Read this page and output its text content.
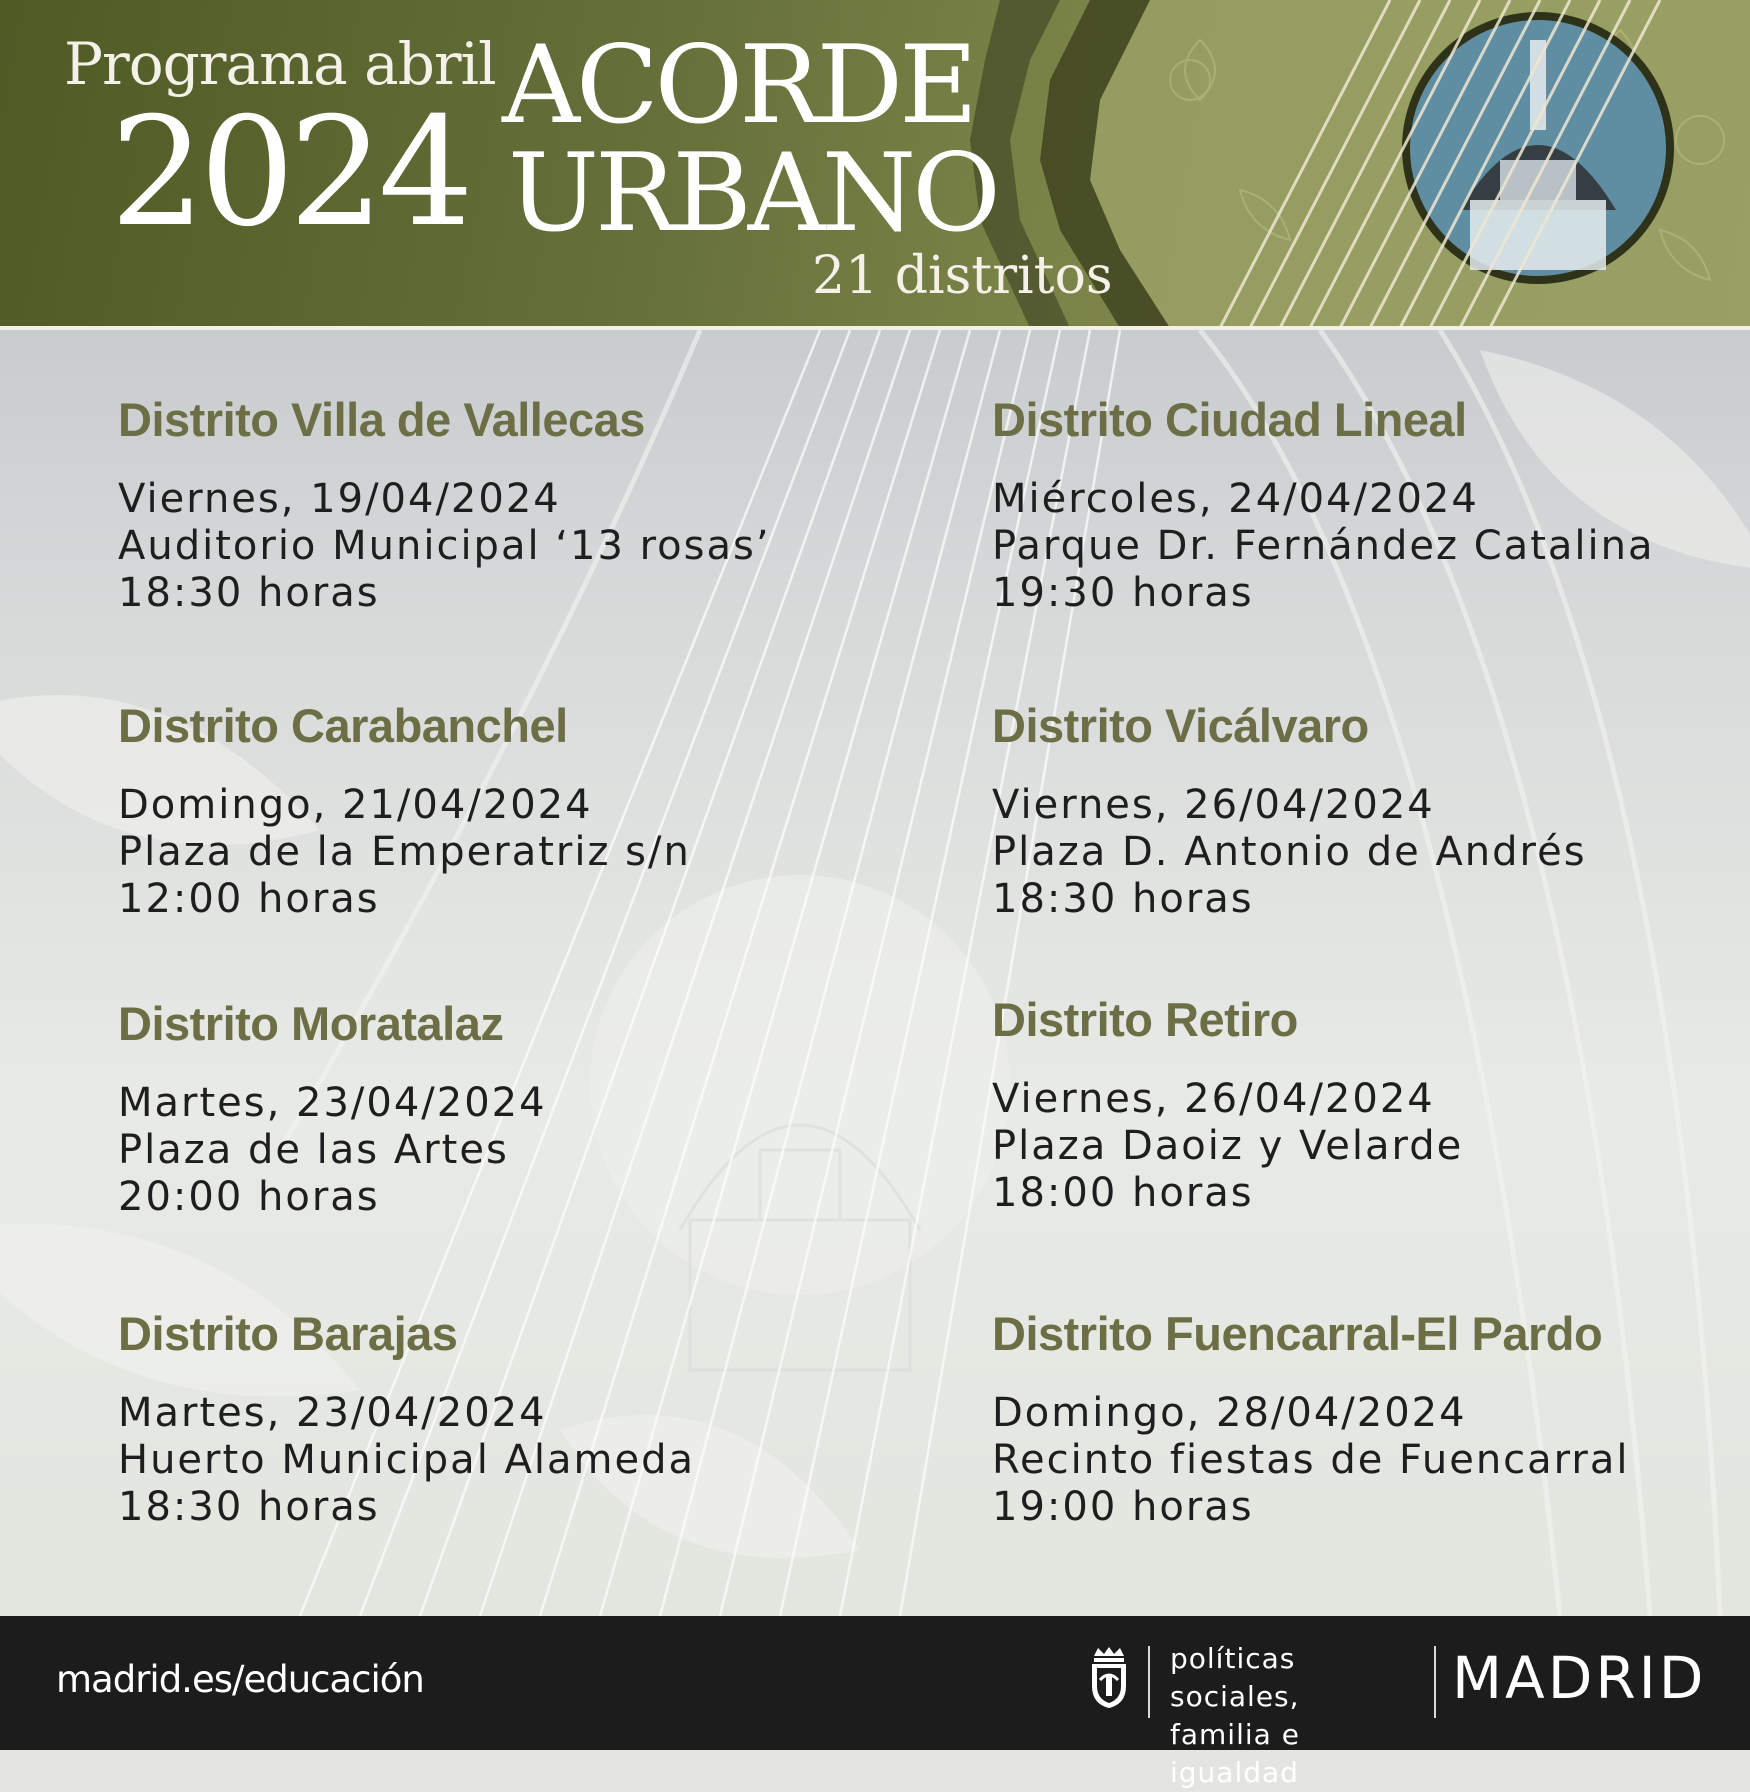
Programa abril
2024
ACORDE
URBANO
21 distritos
Distrito Villa de Vallecas
Viernes, 19/04/2024
Auditorio Municipal ‘13 rosas’
18:30 horas
Distrito Carabanchel
Domingo, 21/04/2024
Plaza de la Emperatriz s/n
12:00 horas
Distrito Moratalaz
Martes, 23/04/2024
Plaza de las Artes
20:00 horas
Distrito Barajas
Martes, 23/04/2024
Huerto Municipal Alameda
18:30 horas
Distrito Ciudad Lineal
Miércoles, 24/04/2024
Parque Dr. Fernández Catalina
19:30 horas
Distrito Vicálvaro
Viernes, 26/04/2024
Plaza D. Antonio de Andrés
18:30 horas
Distrito Retiro
Viernes, 26/04/2024
Plaza Daoiz y Velarde
18:00 horas
Distrito Fuencarral-El Pardo
Domingo, 28/04/2024
Recinto fiestas de Fuencarral
19:00 horas
madrid.es/educación	políticas sociales,
familia e igualdad
MADRID
